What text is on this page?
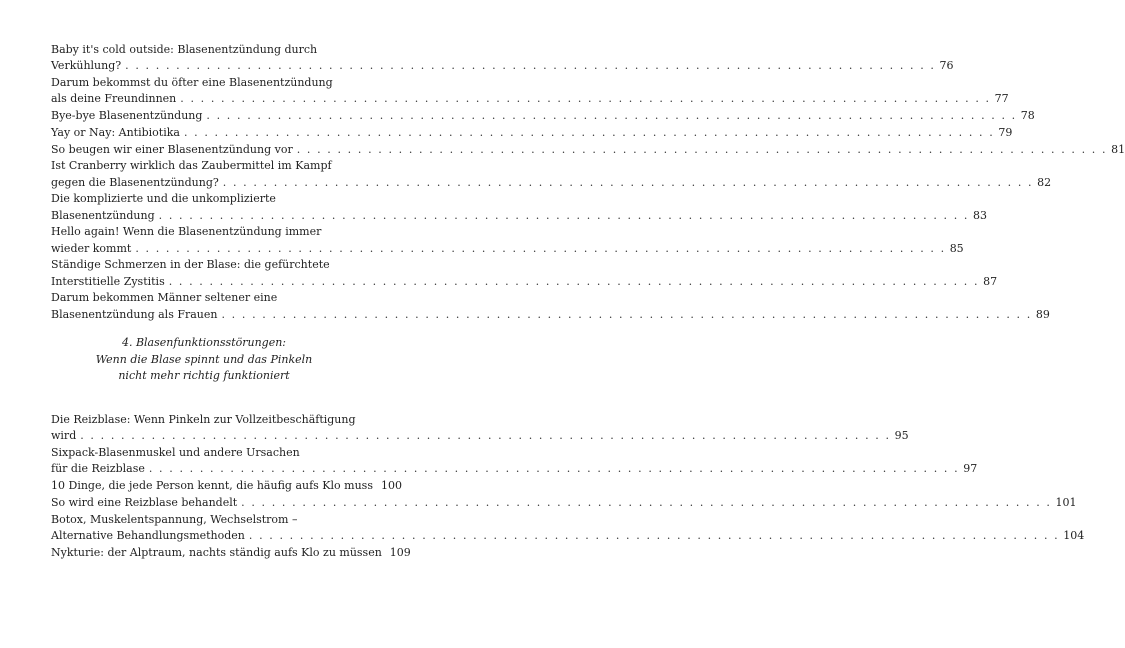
Baby it's cold outside: Blasenentzündung durch
Verkühlung? . . . . . . . . . . . . . . . . . . . . . . . . . . . . . . . . . . . . . . . . . . . . . . . . . . . . . . . . . . . . . . . . . . . . . . . . . . . . . . . . 76
Darum bekommst du öfter eine Blasenentzündung
als deine Freundinnen . . . . . . . . . . . . . . . . . . . . . . . . . . . . . . . . . . . . . . . . . . . . . . . . . . . . . . . . . . . . . . . . . . . . . . . . . . . . . . . . 77
Bye-bye Blasenentzündung . . . . . . . . . . . . . . . . . . . . . . . . . . . . . . . . . . . . . . . . . . . . . . . . . . . . . . . . . . . . . . . . . . . . . . . . . . . . . . . . 78
Yay or Nay: Antibiotika . . . . . . . . . . . . . . . . . . . . . . . . . . . . . . . . . . . . . . . . . . . . . . . . . . . . . . . . . . . . . . . . . . . . . . . . . . . . . . . . 79
So beugen wir einer Blasenentzündung vor . . . . . . . . . . . . . . . . . . . . . . . . . . . . . . . . . . . . . . . . . . . . . . . . . . . . . . . . . . . . . . . . . . . . . . . . . . . . . . . . 81
Ist Cranberry wirklich das Zaubermittel im Kampf
gegen die Blasenentzündung? . . . . . . . . . . . . . . . . . . . . . . . . . . . . . . . . . . . . . . . . . . . . . . . . . . . . . . . . . . . . . . . . . . . . . . . . . . . . . . . . 82
Die komplizierte und die unkomplizierte
Blasenentzündung . . . . . . . . . . . . . . . . . . . . . . . . . . . . . . . . . . . . . . . . . . . . . . . . . . . . . . . . . . . . . . . . . . . . . . . . . . . . . . . . 83
Hello again! Wenn die Blasenentzündung immer
wieder kommt . . . . . . . . . . . . . . . . . . . . . . . . . . . . . . . . . . . . . . . . . . . . . . . . . . . . . . . . . . . . . . . . . . . . . . . . . . . . . . . . 85
Ständige Schmerzen in der Blase: die gefürchtete
Interstitielle Zystitis . . . . . . . . . . . . . . . . . . . . . . . . . . . . . . . . . . . . . . . . . . . . . . . . . . . . . . . . . . . . . . . . . . . . . . . . . . . . . . . . 87
Darum bekommen Männer seltener eine
Blasenentzündung als Frauen . . . . . . . . . . . . . . . . . . . . . . . . . . . . . . . . . . . . . . . . . . . . . . . . . . . . . . . . . . . . . . . . . . . . . . . . . . . . . . . . 89
4. Blasenfunktionsstörungen:
Wenn die Blase spinnt und das Pinkeln
nicht mehr richtig funktioniert
Die Reizblase: Wenn Pinkeln zur Vollzeitbeschäftigung
wird . . . . . . . . . . . . . . . . . . . . . . . . . . . . . . . . . . . . . . . . . . . . . . . . . . . . . . . . . . . . . . . . . . . . . . . . . . . . . . . . 95
Sixpack-Blasenmuskel und andere Ursachen
für die Reizblase . . . . . . . . . . . . . . . . . . . . . . . . . . . . . . . . . . . . . . . . . . . . . . . . . . . . . . . . . . . . . . . . . . . . . . . . . . . . . . . . 97
10 Dinge, die jede Person kennt, die häufig aufs Klo muss 100
So wird eine Reizblase behandelt . . . . . . . . . . . . . . . . . . . . . . . . . . . . . . . . . . . . . . . . . . . . . . . . . . . . . . . . . . . . . . . . . . . . . . . . . . . . . . . . 101
Botox, Muskelentspannung, Wechselstrom –
Alternative Behandlungsmethoden . . . . . . . . . . . . . . . . . . . . . . . . . . . . . . . . . . . . . . . . . . . . . . . . . . . . . . . . . . . . . . . . . . . . . . . . . . . . . . . . 104
Nykturie: der Alptraum, nachts ständig aufs Klo zu müssen 109
